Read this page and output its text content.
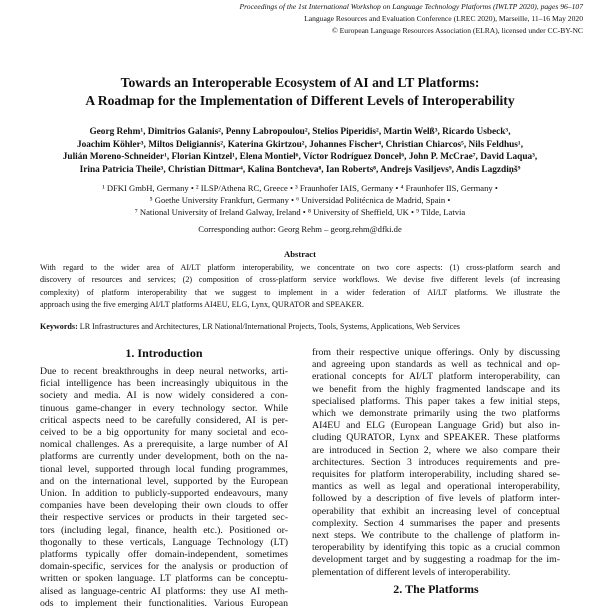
Proceedings of the 1st International Workshop on Language Technology Platforms (IWLTP 2020), pages 96–107
Language Resources and Evaluation Conference (LREC 2020), Marseille, 11–16 May 2020
© European Language Resources Association (ELRA), licensed under CC-BY-NC
Towards an Interoperable Ecosystem of AI and LT Platforms:
A Roadmap for the Implementation of Different Levels of Interoperability
Georg Rehm¹, Dimitrios Galanis², Penny Labropoulou², Stelios Piperidis², Martin Welß³, Ricardo Usbeck³,
Joachim Köhler³, Miltos Deligiannis², Katerina Gkirtzou², Johannes Fischer⁴, Christian Chiarcos⁵, Nils Feldhus¹,
Julián Moreno-Schneider¹, Florian Kintzel¹, Elena Montiel⁶, Víctor Rodríguez Doncel⁶, John P. McCrae⁷, David Laqua³,
Irina Patricia Theile³, Christian Dittmar⁴, Kalina Bontcheva⁸, Ian Roberts⁸, Andrejs Vasiljevs⁹, Andis Lagzdiņš⁹
¹ DFKI GmbH, Germany • ² ILSP/Athena RC, Greece • ³ Fraunhofer IAIS, Germany • ⁴ Fraunhofer IIS, Germany •
⁵ Goethe University Frankfurt, Germany • ⁶ Universidad Politécnica de Madrid, Spain •
⁷ National University of Ireland Galway, Ireland • ⁸ University of Sheffield, UK • ⁹ Tilde, Latvia
Corresponding author: Georg Rehm – georg.rehm@dfki.de
Abstract
With regard to the wider area of AI/LT platform interoperability, we concentrate on two core aspects: (1) cross-platform search and
discovery of resources and services; (2) composition of cross-platform service workflows. We devise five different levels (of increasing
complexity) of platform interoperability that we suggest to implement in a wider federation of AI/LT platforms. We illustrate the
approach using the five emerging AI/LT platforms AI4EU, ELG, Lynx, QURATOR and SPEAKER.
Keywords: LR Infrastructures and Architectures, LR National/International Projects, Tools, Systems, Applications, Web Services
1. Introduction
Due to recent breakthroughs in deep neural networks, arti-
ficial intelligence has been increasingly ubiquitous in the
society and media. AI is now widely considered a con-
tinuous game-changer in every technology sector. While
critical aspects need to be carefully considered, AI is per-
ceived to be a big opportunity for many societal and eco-
nomical challenges. As a prerequisite, a large number of AI
platforms are currently under development, both on the na-
tional level, supported through local funding programmes,
and on the international level, supported by the European
Union. In addition to publicly-supported endeavours, many
companies have been developing their own clouds to offer
their respective services or products in their targeted sec-
tors (including legal, finance, health etc.). Positioned or-
thogonally to these verticals, Language Technology (LT)
platforms typically offer domain-independent, sometimes
domain-specific, services for the analysis or production of
written or spoken language. LT platforms can be conceptu-
alised as language-centric AI platforms: they use AI meth-
ods to implement their functionalities. Various European
from their respective unique offerings. Only by discussing
and agreeing upon standards as well as technical and op-
erational concepts for AI/LT platform interoperability, can
we benefit from the highly fragmented landscape and its
specialised platforms. This paper takes a few initial steps,
which we demonstrate primarily using the two platforms
AI4EU and ELG (European Language Grid) but also in-
cluding QURATOR, Lynx and SPEAKER. These platforms
are introduced in Section 2, where we also compare their
architectures. Section 3 introduces requirements and pre-
requisites for platform interoperability, including shared se-
mantics as well as legal and operational interoperability,
followed by a description of five levels of platform inter-
operability that exhibit an increasing level of conceptual
complexity. Section 4 summarises the paper and presents
next steps. We contribute to the challenge of platform in-
teroperability by identifying this topic as a crucial common
development target and by suggesting a roadmap for the im-
plementation of different levels of interoperability.
2. The Platforms
